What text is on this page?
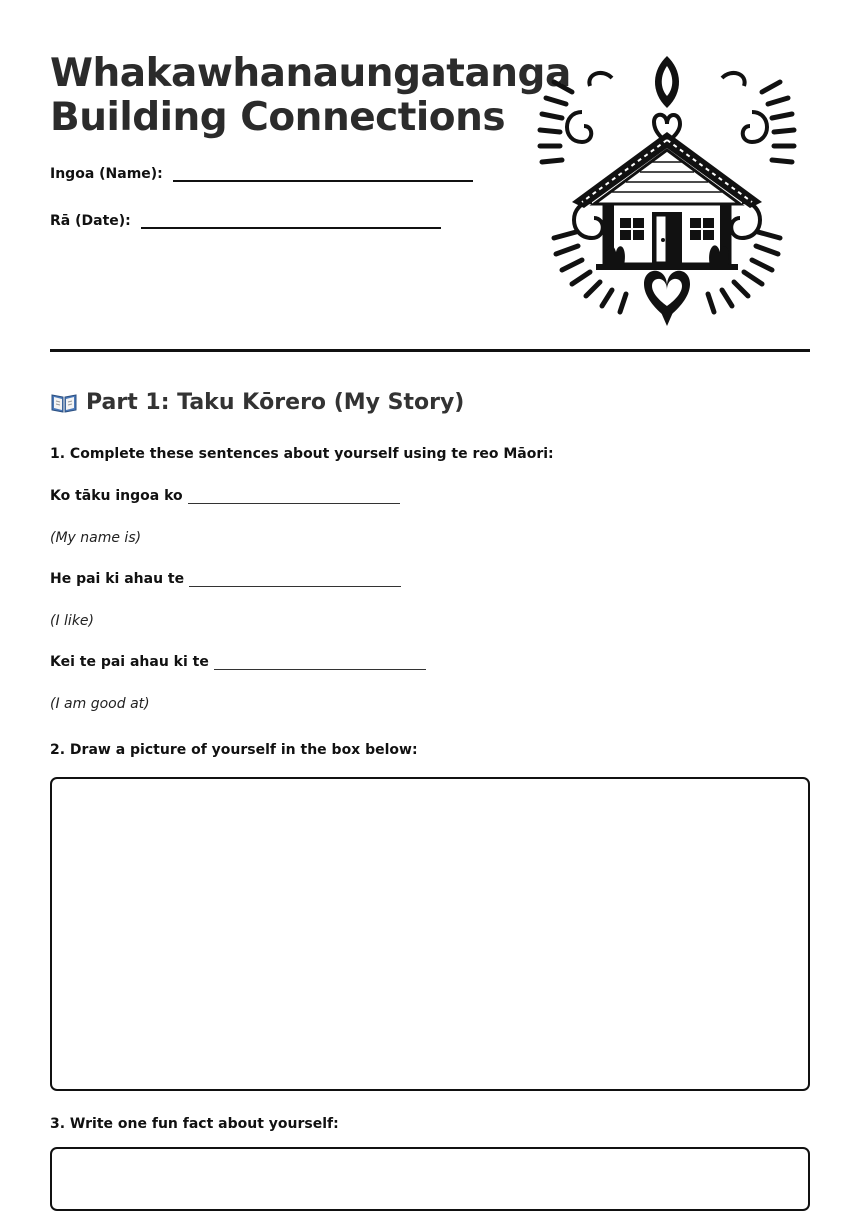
Whakawhanaungatanga
Building Connections
Ingoa (Name):
Rā (Date):
Part 1: Taku Kōrero (My Story)
1. Complete these sentences about yourself using te reo Māori:
Ko tāku ingoa ko
(My name is)
He pai ki ahau te
(I like)
Kei te pai ahau ki te
(I am good at)
2. Draw a picture of yourself in the box below:
3. Write one fun fact about yourself:
